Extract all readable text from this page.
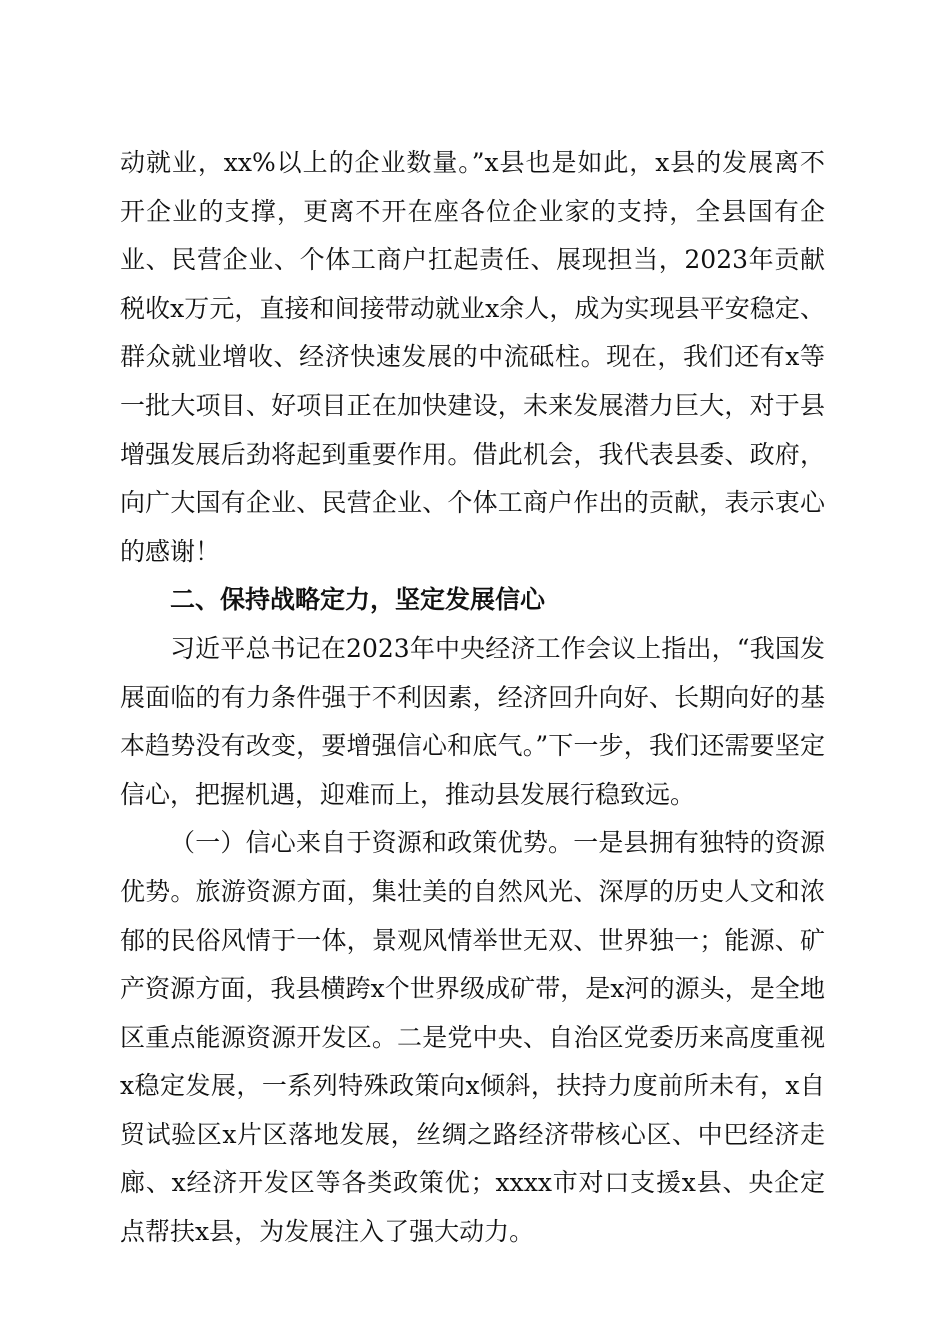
动就业，xx%以上的企业数量。”x县也是如此，x县的发展离不开企业的支撑，更离不开在座各位企业家的支持，全县国有企业、民营企业、个体工商户扛起责任、展现担当，2023年贡献税收x万元，直接和间接带动就业x余人，成为实现县平安稳定、群众就业增收、经济快速发展的中流砥柱。现在，我们还有x等一批大项目、好项目正在加快建设，未来发展潜力巨大，对于县增强发展后劲将起到重要作用。借此机会，我代表县委、政府，向广大国有企业、民营企业、个体工商户作出的贡献，表示衷心的感谢！

二、保持战略定力，坚定发展信心

习近平总书记在2023年中央经济工作会议上指出，“我国发展面临的有力条件强于不利因素，经济回升向好、长期向好的基本趋势没有改变，要增强信心和底气。”下一步，我们还需要坚定信心，把握机遇，迎难而上，推动县发展行稳致远。

（一）信心来自于资源和政策优势。一是县拥有独特的资源优势。旅游资源方面，集壮美的自然风光、深厚的历史人文和浓郁的民俗风情于一体，景观风情举世无双、世界独一；能源、矿产资源方面，我县横跨x个世界级成矿带，是x河的源头，是全地区重点能源资源开发区。二是党中央、自治区党委历来高度重视x稳定发展，一系列特殊政策向x倾斜，扶持力度前所未有，x自贸试验区x片区落地发展，丝绸之路经济带核心区、中巴经济走廊、x经济开发区等各类政策优；xxxx市对口支援x县、央企定点帮扶x县，为发展注入了强大动力。
